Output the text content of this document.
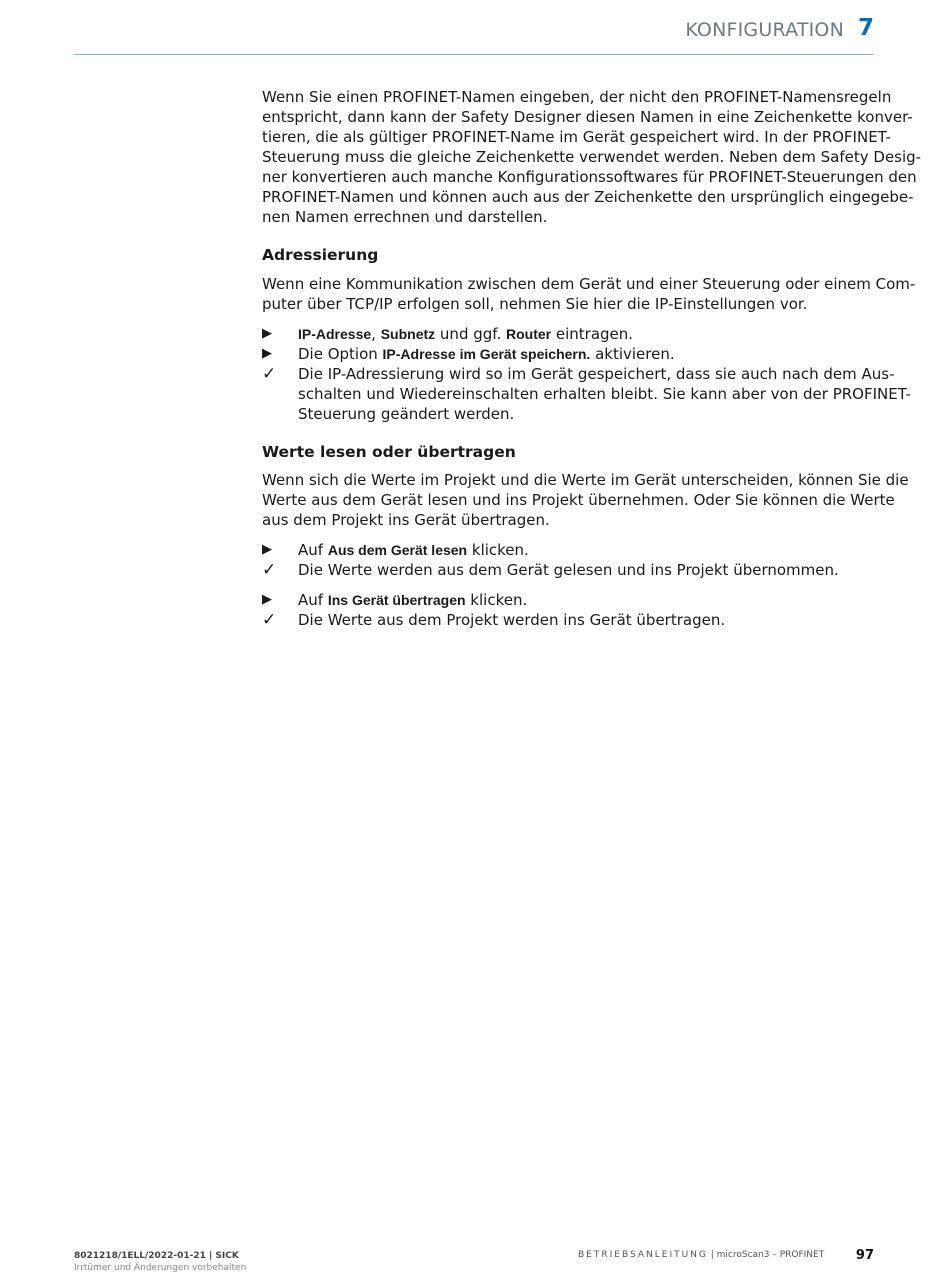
KONFIGURATION 7

Wenn Sie einen PROFINET-Namen eingeben, der nicht den PROFINET-Namensregeln
entspricht, dann kann der Safety Designer diesen Namen in eine Zeichenkette konver-
tieren, die als gültiger PROFINET-Name im Gerät gespeichert wird. In der PROFINET-
Steuerung muss die gleiche Zeichenkette verwendet werden. Neben dem Safety Desig-
ner konvertieren auch manche Konfigurationssoftwares für PROFINET-Steuerungen den
PROFINET-Namen und können auch aus der Zeichenkette den ursprünglich eingegebe-
nen Namen errechnen und darstellen.

Adressierung

Wenn eine Kommunikation zwischen dem Gerät und einer Steuerung oder einem Com-
puter über TCP/IP erfolgen soll, nehmen Sie hier die IP-Einstellungen vor.

▶	IP-Adresse, Subnetz und ggf. Router eintragen.
▶	Die Option IP-Adresse im Gerät speichern. aktivieren.
✓	Die IP-Adressierung wird so im Gerät gespeichert, dass sie auch nach dem Aus-
schalten und Wiedereinschalten erhalten bleibt. Sie kann aber von der PROFINET-
Steuerung geändert werden.
Werte lesen oder übertragen

Wenn sich die Werte im Projekt und die Werte im Gerät unterscheiden, können Sie die
Werte aus dem Gerät lesen und ins Projekt übernehmen. Oder Sie können die Werte
aus dem Projekt ins Gerät übertragen.

▶	Auf Aus dem Gerät lesen klicken.
✓	Die Werte werden aus dem Gerät gelesen und ins Projekt übernommen.
▶	Auf Ins Gerät übertragen klicken.
✓	Die Werte aus dem Projekt werden ins Gerät übertragen.
8021218/1ELL/2022-01-21 | SICK
Irrtümer und Änderungen vorbehalten
BETRIEBSANLEITUNG | microScan3 – PROFINET 97
